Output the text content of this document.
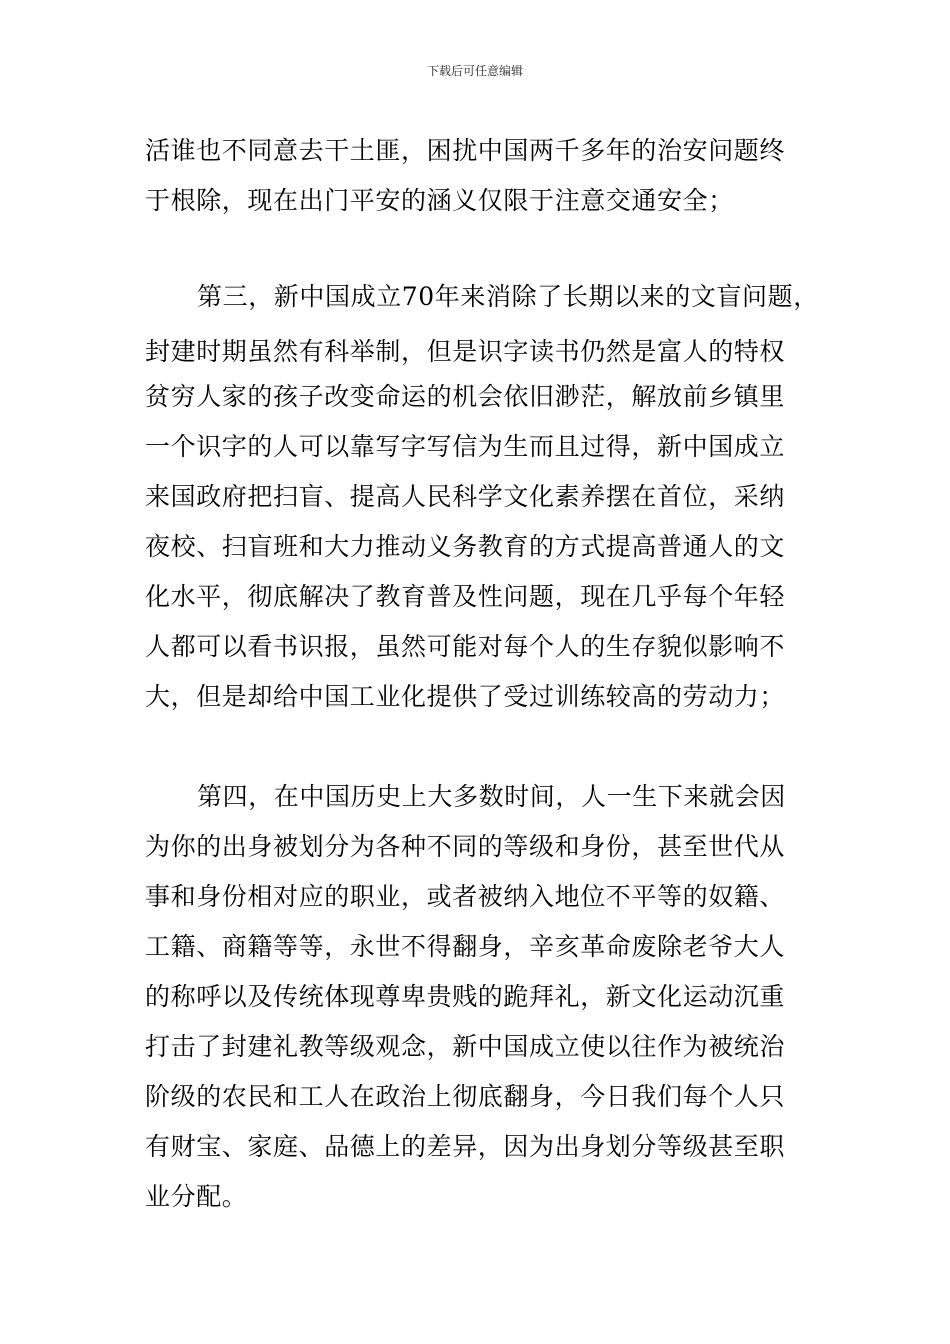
下载后可任意编辑
活谁也不同意去干土匪，困扰中国两千多年的治安问题终
于根除，现在出门平安的涵义仅限于注意交通安全；
第三，新中国成立70年来消除了长期以来的文盲问题，
封建时期虽然有科举制，但是识字读书仍然是富人的特权
贫穷人家的孩子改变命运的机会依旧渺茫，解放前乡镇里
一个识字的人可以靠写字写信为生而且过得，新中国成立
来国政府把扫盲、提高人民科学文化素养摆在首位，采纳
夜校、扫盲班和大力推动义务教育的方式提高普通人的文
化水平，彻底解决了教育普及性问题，现在几乎每个年轻
人都可以看书识报，虽然可能对每个人的生存貌似影响不
大，但是却给中国工业化提供了受过训练较高的劳动力；
第四，在中国历史上大多数时间，人一生下来就会因
为你的出身被划分为各种不同的等级和身份，甚至世代从
事和身份相对应的职业，或者被纳入地位不平等的奴籍、
工籍、商籍等等，永世不得翻身，辛亥革命废除老爷大人
的称呼以及传统体现尊卑贵贱的跪拜礼，新文化运动沉重
打击了封建礼教等级观念，新中国成立使以往作为被统治
阶级的农民和工人在政治上彻底翻身，今日我们每个人只
有财宝、家庭、品德上的差异，因为出身划分等级甚至职
业分配。
